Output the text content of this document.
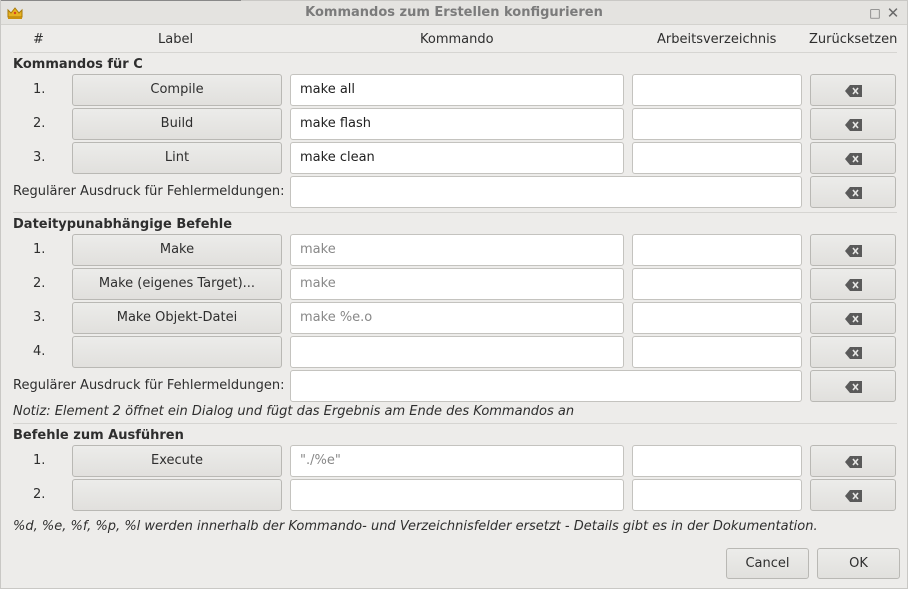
Kommandos zum Erstellen konfigurieren	□ ✕
#	Label	Kommando	Arbeitsverzeichnis	Zurücksetzen
Kommandos für C
1.	Compile	make all
2.	Build	make flash
3.	Lint	make clean
Regulärer Ausdruck für Fehlermeldungen:
Dateitypunabhängige Befehle
1.	Make	make
2.	Make (eigenes Target)...	make
3.	Make Objekt-Datei	make %e.o
4.
Regulärer Ausdruck für Fehlermeldungen:
Notiz: Element 2 öffnet ein Dialog und fügt das Ergebnis am Ende des Kommandos an
Befehle zum Ausführen
1.	Execute	"./%e"
2.
%d, %e, %f, %p, %l werden innerhalb der Kommando- und Verzeichnisfelder ersetzt - Details gibt es in der Dokumentation.
Cancel	OK
